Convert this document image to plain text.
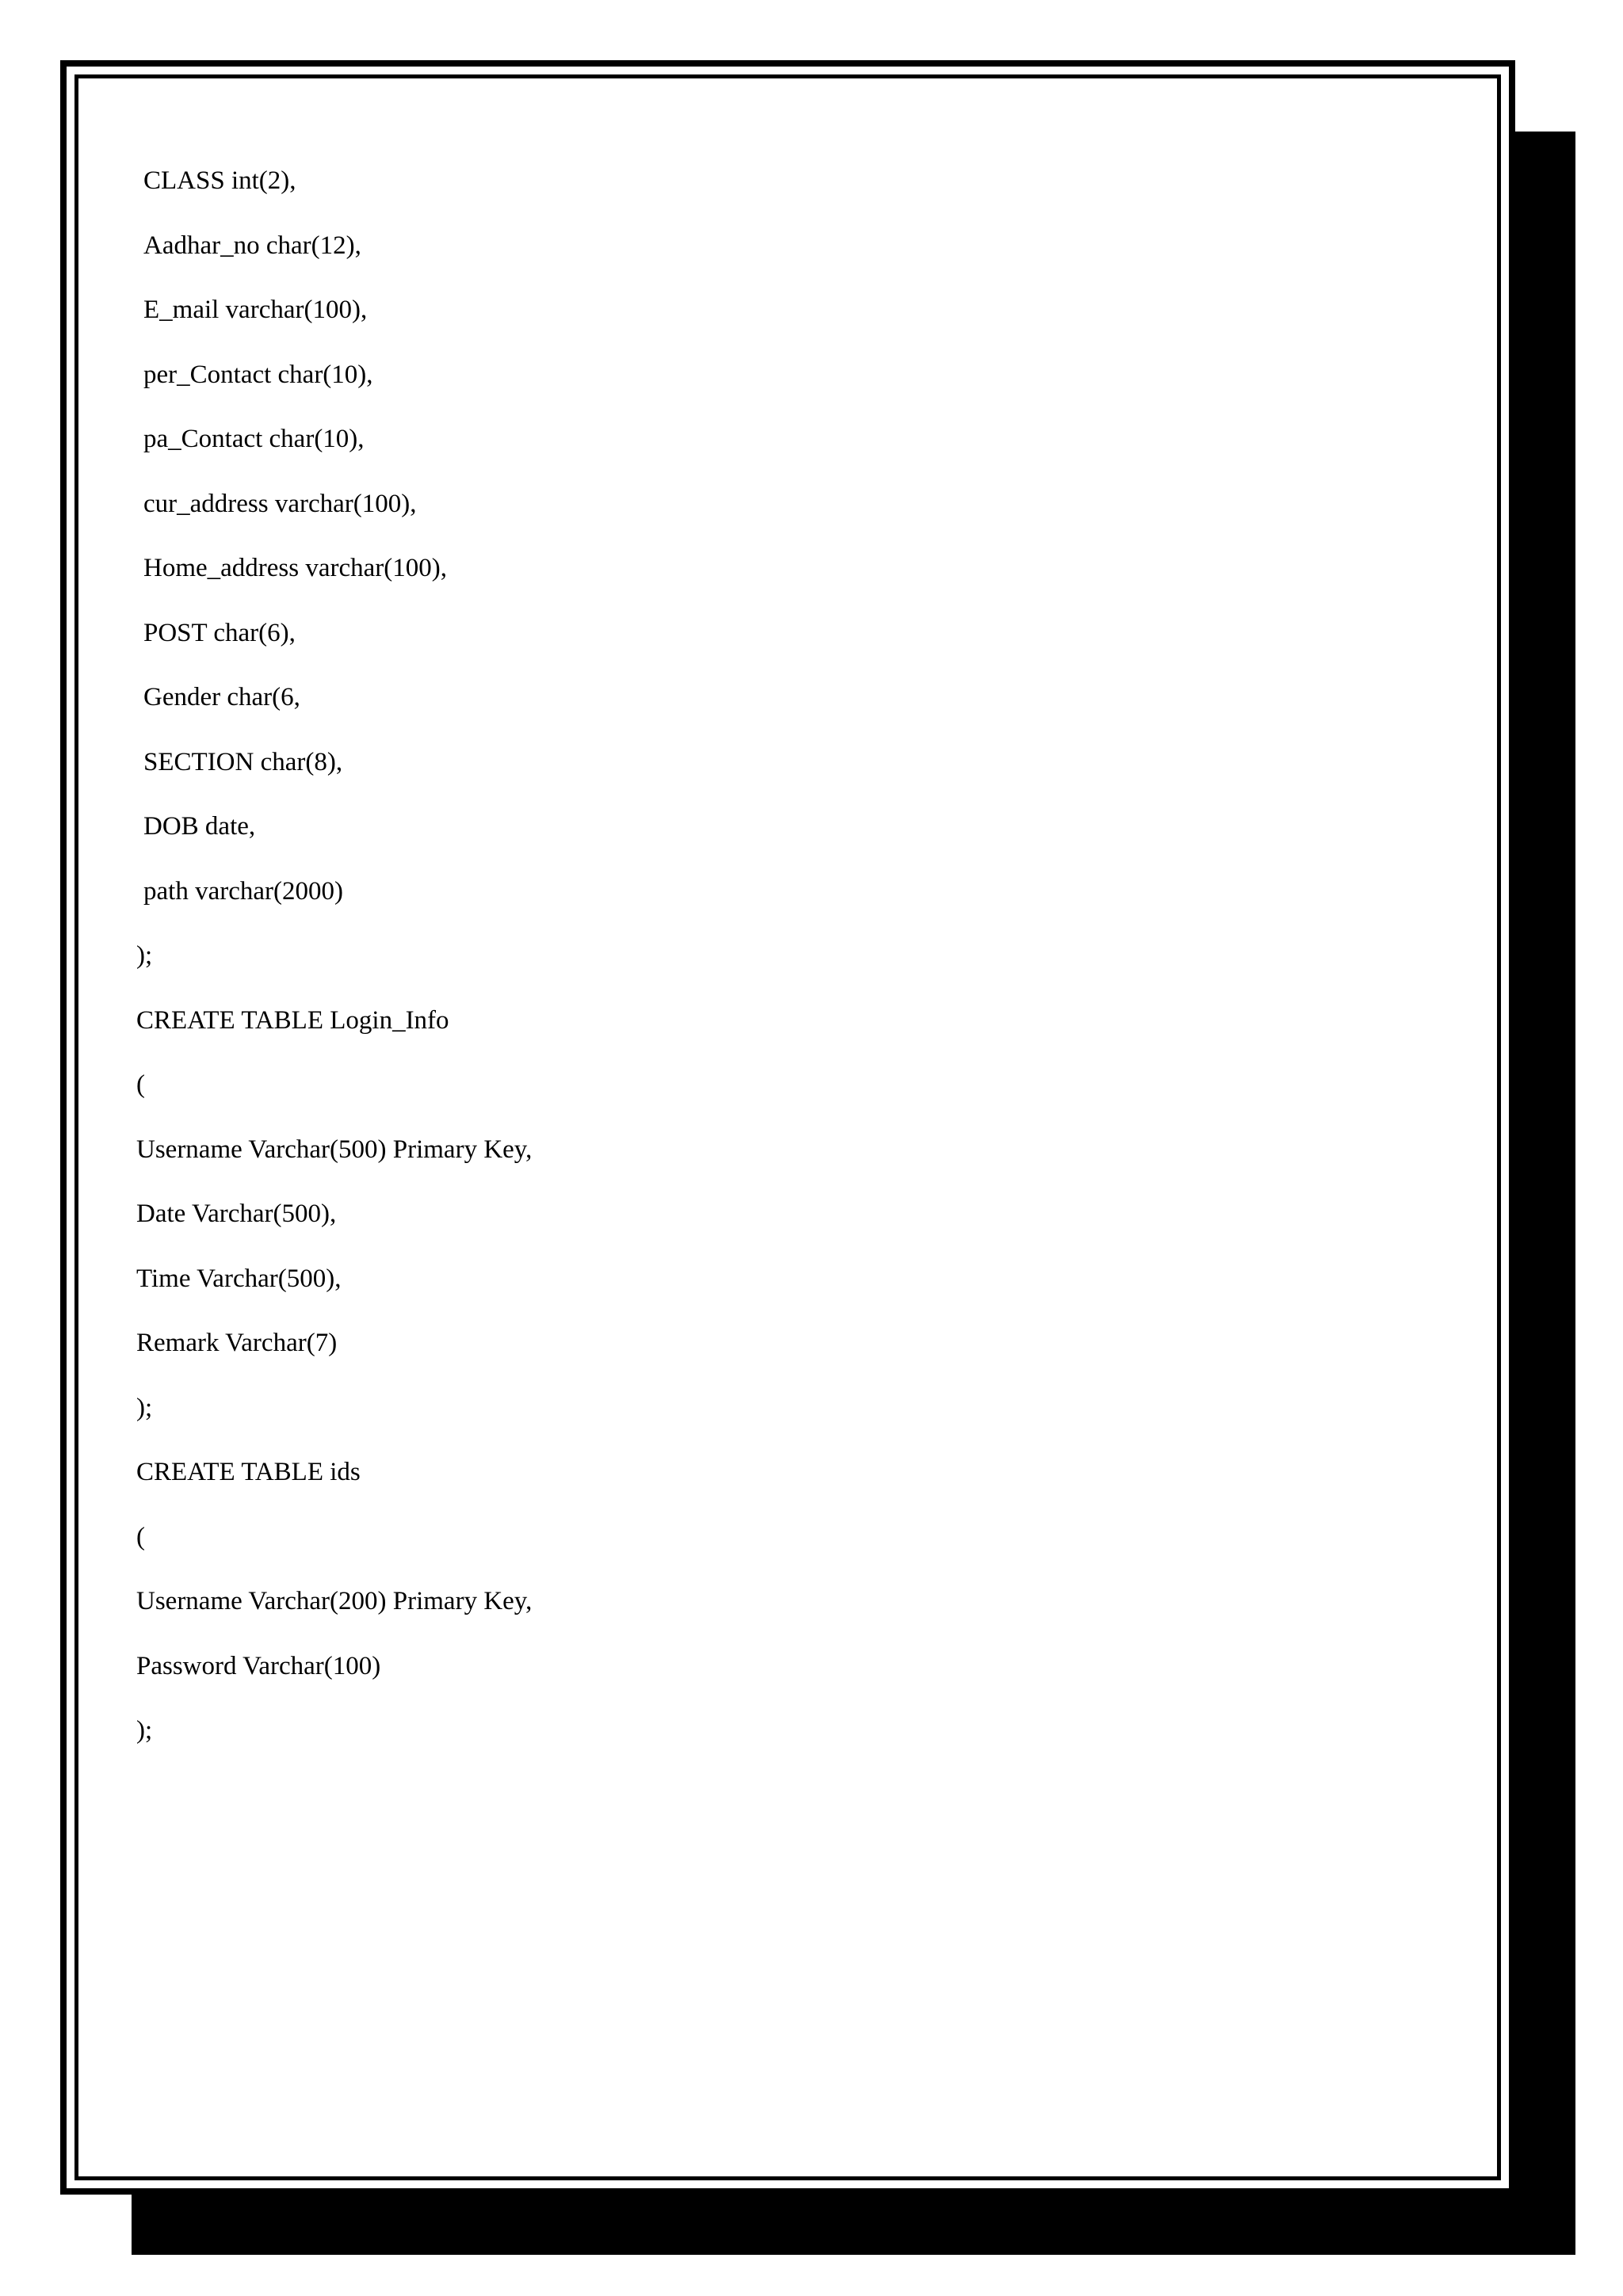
CLASS int(2),
Aadhar_no char(12),
E_mail varchar(100),
per_Contact char(10),
pa_Contact char(10),
cur_address varchar(100),
Home_address varchar(100),
POST char(6),
Gender char(6,
SECTION char(8),
DOB date,
path varchar(2000)
);
CREATE TABLE Login_Info
(
Username Varchar(500) Primary Key,
Date Varchar(500),
Time Varchar(500),
Remark Varchar(7)
);
CREATE TABLE ids
(
Username Varchar(200) Primary Key,
Password Varchar(100)
);
